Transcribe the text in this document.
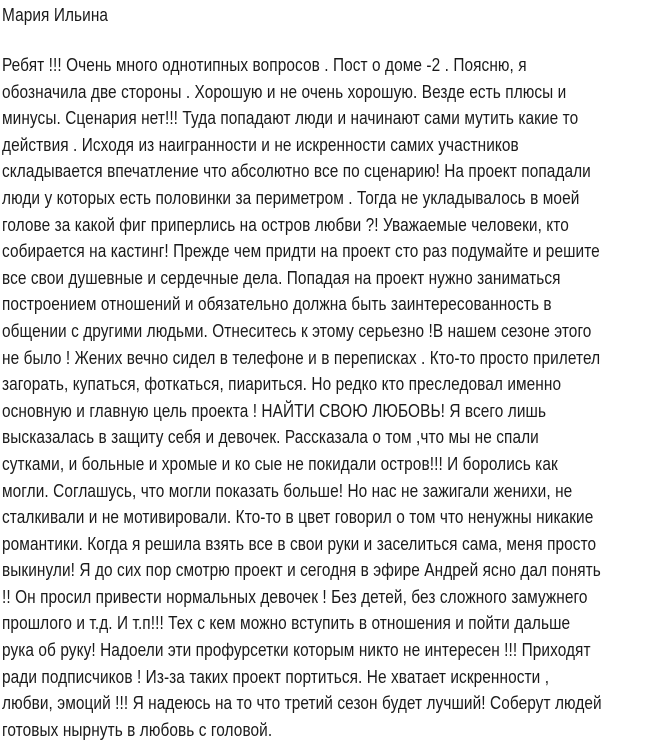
Мария Ильина
Ребят !!! Очень много однотипных вопросов . Пост о доме -2 . Поясню, я
обозначила две стороны . Хорошую и не очень хорошую. Везде есть плюсы и
минусы. Сценария нет!!! Туда попадают люди и начинают сами мутить какие то
действия . Исходя из наигранности и не искренности самих участников
складывается впечатление что абсолютно все по сценарию! На проект попадали
люди у которых есть половинки за периметром . Тогда не укладывалось в моей
голове за какой фиг приперлись на остров любви ?! Уважаемые человеки, кто
собирается на кастинг! Прежде чем придти на проект сто раз подумайте и решите
все свои душевные и сердечные дела. Попадая на проект нужно заниматься
построением отношений и обязательно должна быть заинтересованность в
общении с другими людьми. Отнеситесь к этому серьезно !В нашем сезоне этого
не было ! Жених вечно сидел в телефоне и в переписках . Кто-то просто прилетел
загорать, купаться, фоткаться, пиариться. Но редко кто преследовал именно
основную и главную цель проекта ! НАЙТИ СВОЮ ЛЮБОВЬ! Я всего лишь
высказалась в защиту себя и девочек. Рассказала о том ,что мы не спали
сутками, и больные и хромые и ко сые не покидали остров!!! И боролись как
могли. Соглашусь, что могли показать больше! Но нас не зажигали женихи, не
сталкивали и не мотивировали. Кто-то в цвет говорил о том что ненужны никакие
романтики. Когда я решила взять все в свои руки и заселиться сама, меня просто
выкинули! Я до сих пор смотрю проект и сегодня в эфире Андрей ясно дал понять
!! Он просил привести нормальных девочек ! Без детей, без сложного замужнего
прошлого и т.д. И т.п!!! Тех с кем можно вступить в отношения и пойти дальше
рука об руку! Надоели эти профурсетки которым никто не интересен !!! Приходят
ради подписчиков ! Из-за таких проект портиться. Не хватает искренности ,
любви, эмоций !!! Я надеюсь на то что третий сезон будет лучший! Соберут людей
готовых нырнуть в любовь с головой.
